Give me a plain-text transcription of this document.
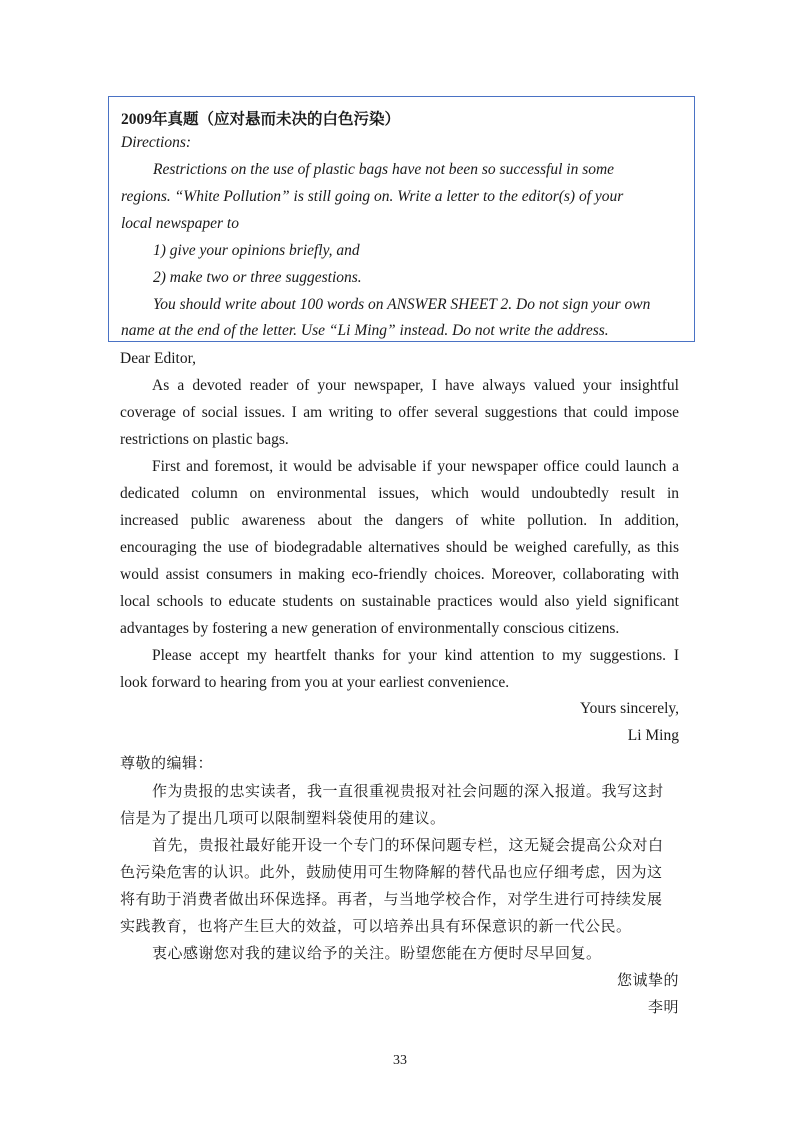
2009年真题（应对悬而未决的白色污染）
Directions:
Restrictions on the use of plastic bags have not been so successful in some
regions. “White Pollution” is still going on. Write a letter to the editor(s) of your
local newspaper to
1) give your opinions briefly, and
2) make two or three suggestions.
You should write about 100 words on ANSWER SHEET 2. Do not sign your own
name at the end of the letter. Use “Li Ming” instead. Do not write the address.
Dear Editor,
As a devoted reader of your newspaper, I have always valued your insightful
coverage of social issues. I am writing to offer several suggestions that could impose
restrictions on plastic bags.
First and foremost, it would be advisable if your newspaper office could launch a
dedicated column on environmental issues, which would undoubtedly result in
increased public awareness about the dangers of white pollution. In addition,
encouraging the use of biodegradable alternatives should be weighed carefully, as this
would assist consumers in making eco-friendly choices. Moreover, collaborating with
local schools to educate students on sustainable practices would also yield significant
advantages by fostering a new generation of environmentally conscious citizens.
Please accept my heartfelt thanks for your kind attention to my suggestions. I
look forward to hearing from you at your earliest convenience.
Yours sincerely,
Li Ming
尊敬的编辑：
作为贵报的忠实读者，我一直很重视贵报对社会问题的深入报道。我写这封
信是为了提出几项可以限制塑料袋使用的建议。
首先，贵报社最好能开设一个专门的环保问题专栏，这无疑会提高公众对白
色污染危害的认识。此外，鼓励使用可生物降解的替代品也应仔细考虑，因为这
将有助于消费者做出环保选择。再者，与当地学校合作，对学生进行可持续发展
实践教育，也将产生巨大的效益，可以培养出具有环保意识的新一代公民。
衷心感谢您对我的建议给予的关注。盼望您能在方便时尽早回复。
您诚挚的
李明
33
